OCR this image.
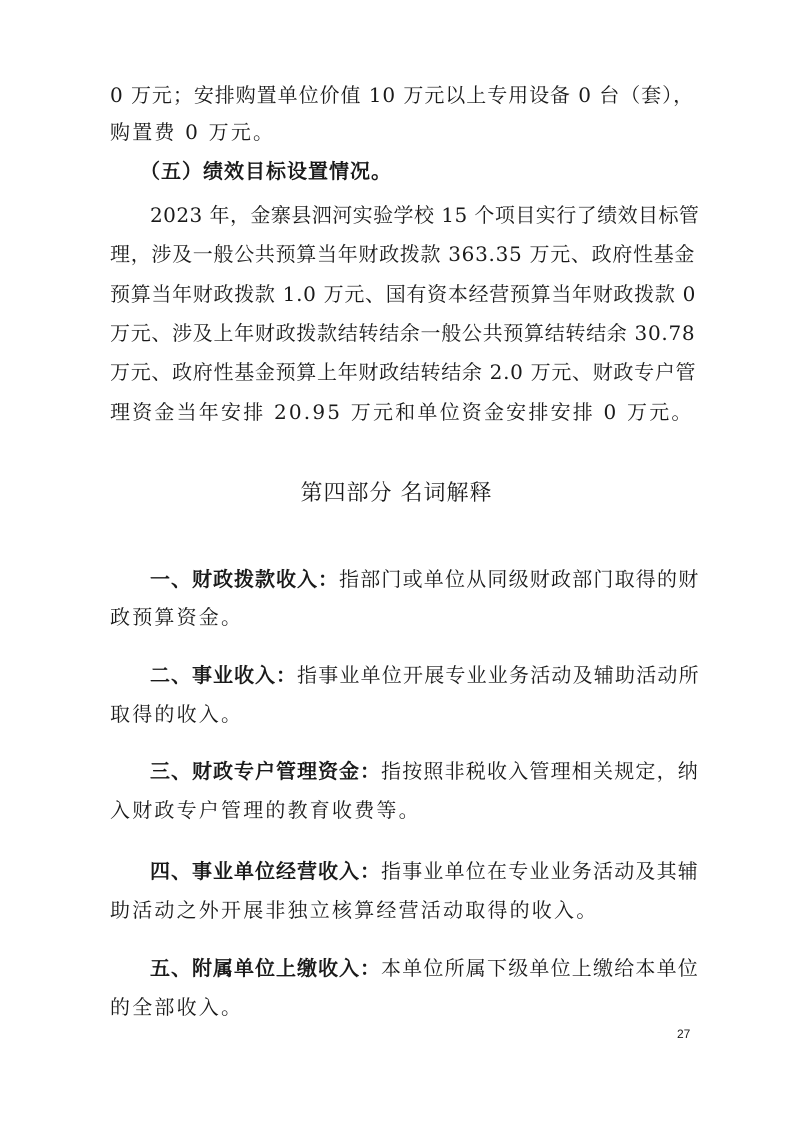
0 万元；安排购置单位价值 10 万元以上专用设备 0 台（套），
购置费 0 万元。
（五）绩效目标设置情况。
2023 年，金寨县泗河实验学校 15 个项目实行了绩效目标管
理，涉及一般公共预算当年财政拨款 363.35 万元、政府性基金
预算当年财政拨款 1.0 万元、国有资本经营预算当年财政拨款 0
万元、涉及上年财政拨款结转结余一般公共预算结转结余 30.78
万元、政府性基金预算上年财政结转结余 2.0 万元、财政专户管
理资金当年安排 20.95 万元和单位资金安排安排 0 万元。
第四部分 名词解释
一、财政拨款收入：指部门或单位从同级财政部门取得的财
政预算资金。
二、事业收入：指事业单位开展专业业务活动及辅助活动所
取得的收入。
三、财政专户管理资金：指按照非税收入管理相关规定，纳
入财政专户管理的教育收费等。
四、事业单位经营收入：指事业单位在专业业务活动及其辅
助活动之外开展非独立核算经营活动取得的收入。
五、附属单位上缴收入：本单位所属下级单位上缴给本单位
的全部收入。
27
